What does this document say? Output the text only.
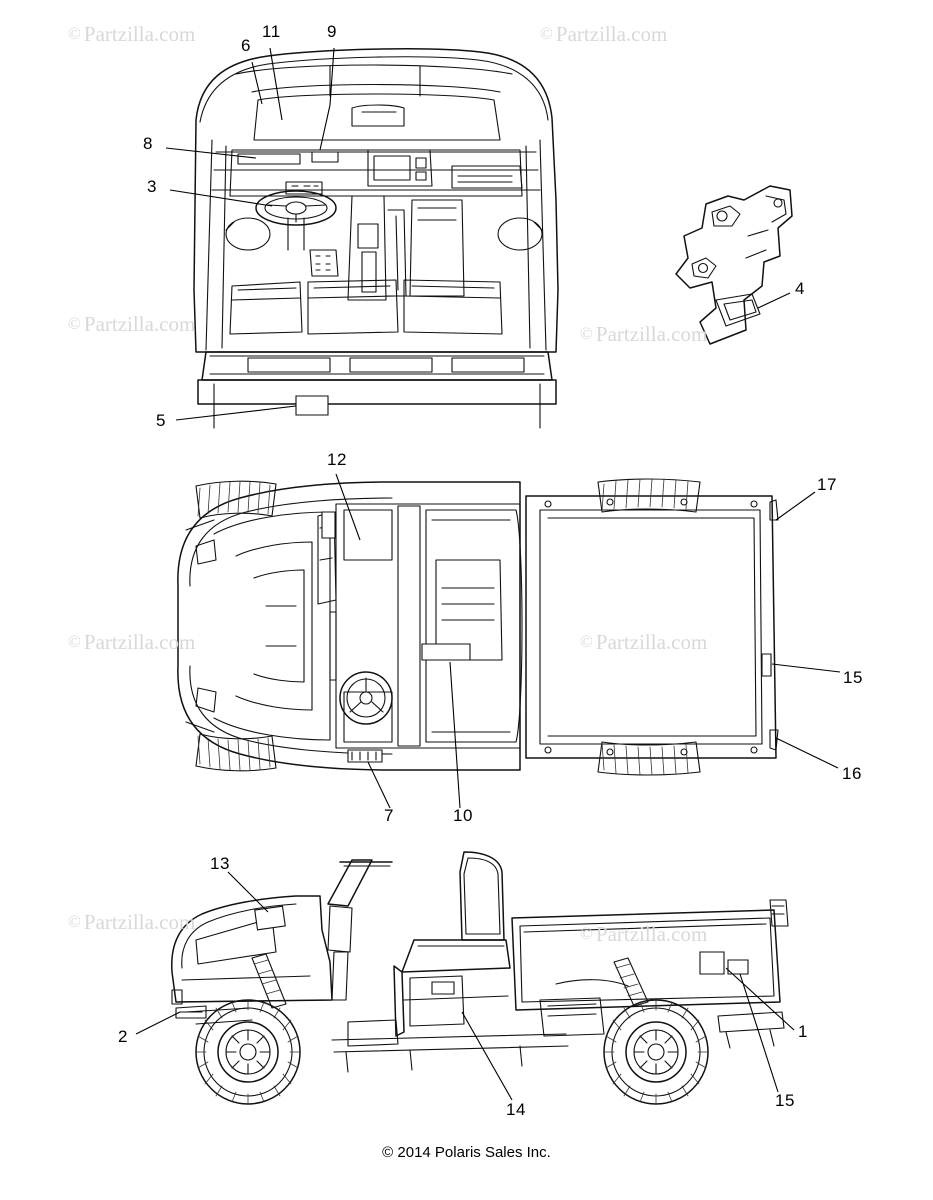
© Partzilla.com	© Partzilla.com
© Partzilla.com	© Partzilla.com
© Partzilla.com	© Partzilla.com
© Partzilla.com	© Partzilla.com
11	9
6
8
3
4
5
12
17
15
16
7	10
13
2	1
15
14
© 2014 Polaris Sales Inc.
